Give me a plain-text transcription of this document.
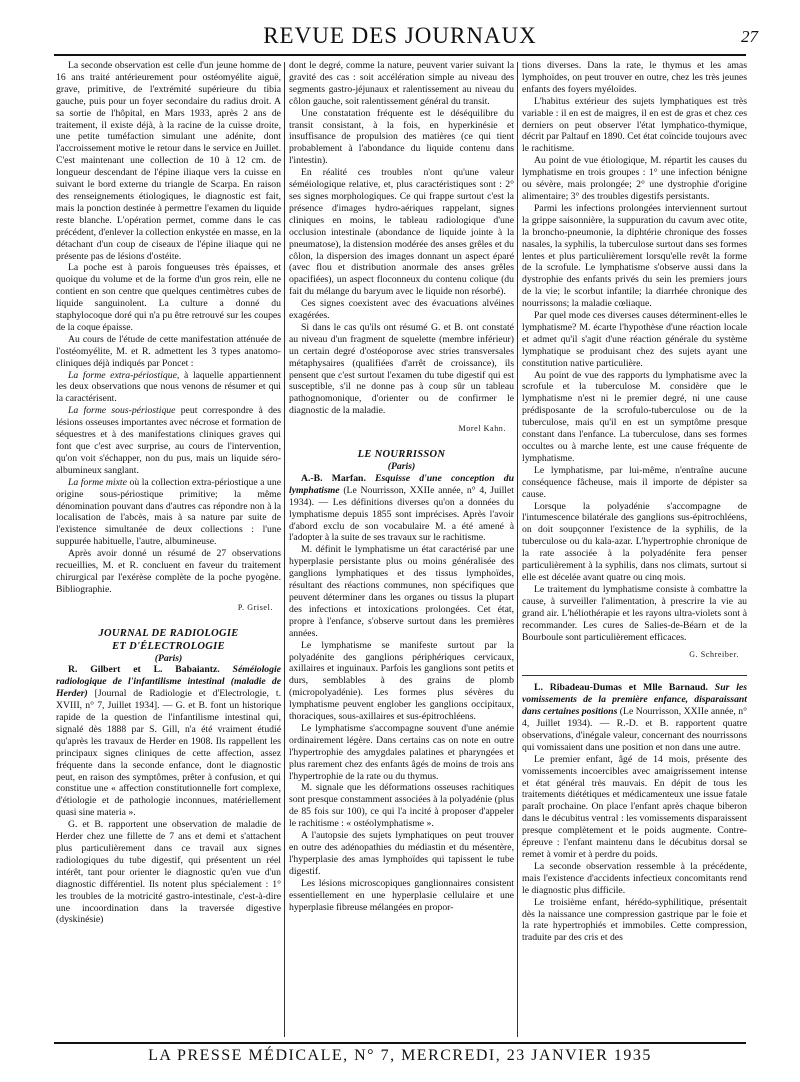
REVUE DES JOURNAUX	27

La seconde observation est celle d'un jeune homme de 16 ans traité antérieurement pour ostéomyélite aiguë, grave, primitive, de l'extrémité supérieure du tibia gauche, puis pour un foyer secondaire du radius droit. A sa sortie de l'hôpital, en Mars 1933, après 2 ans de traitement, il existe déjà, à la racine de la cuisse droite, une petite tuméfaction simulant une adénite, dont l'accroissement motive le retour dans le service en Juillet. C'est maintenant une collection de 10 à 12 cm. de longueur descendant de l'épine iliaque vers la cuisse en suivant le bord externe du triangle de Scarpa. En raison des renseignements étiologiques, le diagnostic est fait, mais la ponction destinée à permettre l'examen du liquide reste blanche. L'opération permet, comme dans le cas précédent, d'enlever la collection enkystée en masse, en la détachant d'un coup de ciseaux de l'épine iliaque qui ne présente pas de lésions d'ostéite.

La poche est à parois fongueuses très épaisses, et quoique du volume et de la forme d'un gros rein, elle ne contient en son centre que quelques centimètres cubes de liquide sanguinolent. La culture a donné du staphylocoque doré qui n'a pu être retrouvé sur les coupes de la coque épaisse.

Au cours de l'étude de cette manifestation atténuée de l'ostéomyélite, M. et R. admettent les 3 types anatomo-cliniques déjà indiqués par Poncet :

La forme extra-périostique, à laquelle appartiennent les deux observations que nous venons de résumer et qui la caractérisent.

La forme sous-périostique peut correspondre à des lésions osseuses importantes avec nécrose et formation de séquestres et à des manifestations cliniques graves qui font que c'est avec surprise, au cours de l'intervention, qu'on voit s'échapper, non du pus, mais un liquide séro-albumineux sanglant.

La forme mixte où la collection extra-périostique a une origine sous-périostique primitive; la même dénomination pouvant dans d'autres cas répondre non à la localisation de l'abcès, mais à sa nature par suite de l'existence simultanée de deux collections : l'une suppurée habituelle, l'autre, albumineuse.

Après avoir donné un résumé de 27 observations recueillies, M. et R. concluent en faveur du traitement chirurgical par l'exérèse complète de la poche pyogène. Bibliographie.

P. Grisel.

JOURNAL DE RADIOLOGIE

ET D'ÉLECTROLOGIE

(Paris)

R. Gilbert et L. Babaiantz. Séméiologie radiologique de l'infantilisme intestinal (maladie de Herder) [Journal de Radiologie et d'Electrologie, t. XVIII, n° 7, Juillet 1934]. — G. et B. font un historique rapide de la question de l'infantilisme intestinal qui, signalé dès 1888 par S. Gill, n'a été vraiment étudié qu'après les travaux de Herder en 1908. Ils rappellent les principaux signes cliniques de cette affection, assez fréquente dans la seconde enfance, dont le diagnostic peut, en raison des symptômes, prêter à confusion, et qui constitue une « affection constitutionnelle fort complexe, d'étiologie et de pathologie inconnues, matériellement quasi sine materia ».

G. et B. rapportent une observation de maladie de Herder chez une fillette de 7 ans et demi et s'attachent plus particulièrement dans ce travail aux signes radiologiques du tube digestif, qui présentent un réel intérêt, tant pour orienter le diagnostic qu'en vue d'un diagnostic différentiel. Ils notent plus spécialement : 1° les troubles de la motricité gastro-intestinale, c'est-à-dire une incoordination dans la traversée digestive (dyskinésie)

dont le degré, comme la nature, peuvent varier suivant la gravité des cas : soit accélération simple au niveau des segments gastro-jéjunaux et ralentissement au niveau du côlon gauche, soit ralentissement général du transit.

Une constatation fréquente est le déséquilibre du transit consistant, à la fois, en hyperkinésie et insuffisance de propulsion des matières (ce qui tient probablement à l'abondance du liquide contenu dans l'intestin).

En réalité ces troubles n'ont qu'une valeur séméiologique relative, et, plus caractéristiques sont : 2° ses signes morphologiques. Ce qui frappe surtout c'est la présence d'images hydro-aériques rappelant, signes cliniques en moins, le tableau radiologique d'une occlusion intestinale (abondance de liquide jointe à la pneumatose), la distension modérée des anses grêles et du côlon, la dispersion des images donnant un aspect éparé (avec flou et distribution anormale des anses grêles opacifiées), un aspect floconneux du contenu colique (du fait du mélange du baryum avec le liquide non résorbé).

Ces signes coexistent avec des évacuations alvéines exagérées.

Si dans le cas qu'ils ont résumé G. et B. ont constaté au niveau d'un fragment de squelette (membre inférieur) un certain degré d'ostéoporose avec stries transversales métaphysaires (qualifiées d'arrêt de croissance), ils pensent que c'est surtout l'examen du tube digestif qui est susceptible, s'il ne donne pas à coup sûr un tableau pathognomonique, d'orienter ou de confirmer le diagnostic de la maladie.

Morel Kahn.

LE NOURRISSON

(Paris)

A.-B. Marfan. Esquisse d'une conception du lymphatisme (Le Nourrisson, XXIIe année, n° 4, Juillet 1934). — Les définitions diverses qu'on a données du lymphatisme depuis 1855 sont imprécises. Après l'avoir d'abord exclu de son vocabulaire M. a été amené à l'adopter à la suite de ses travaux sur le rachitisme.

M. définit le lymphatisme un état caractérisé par une hyperplasie persistante plus ou moins généralisée des ganglions lymphatiques et des tissus lymphoïdes, résultant des réactions communes, non spécifiques que peuvent déterminer dans les organes ou tissus la plupart des infections et intoxications prolongées. Cet état, propre à l'enfance, s'observe surtout dans les premières années.

Le lymphatisme se manifeste surtout par la polyadénite des ganglions périphériques cervicaux, axillaires et inguinaux. Parfois les ganglions sont petits et durs, semblables à des grains de plomb (micropolyadénie). Les formes plus sévères du lymphatisme peuvent englober les ganglions occipitaux, thoraciques, sous-axillaires et sus-épitrochléens.

Le lymphatisme s'accompagne souvent d'une anémie ordinairement légère. Dans certains cas on note en outre l'hypertrophie des amygdales palatines et pharyngées et plus rarement chez des enfants âgés de moins de trois ans l'hypertrophie de la rate ou du thymus.

M. signale que les déformations osseuses rachitiques sont presque constamment associées à la polyadénie (plus de 85 fois sur 100), ce qui l'a incité à proposer d'appeler le rachitisme : « ostéolymphatisme ».

A l'autopsie des sujets lymphatiques on peut trouver en outre des adénopathies du médiastin et du mésentère, l'hyperplasie des amas lymphoïdes qui tapissent le tube digestif.

Les lésions microscopiques ganglionnaires consistent essentiellement en une hyperplasie cellulaire et une hyperplasie fibreuse mélangées en propor-

tions diverses. Dans la rate, le thymus et les amas lymphoïdes, on peut trouver en outre, chez les très jeunes enfants des foyers myéloïdes.

L'habitus extérieur des sujets lymphatiques est très variable : il en est de maigres, il en est de gras et chez ces derniers on peut observer l'état lymphatico-thymique, décrit par Paltauf en 1890. Cet état coïncide toujours avec le rachitisme.

Au point de vue étiologique, M. répartit les causes du lymphatisme en trois groupes : 1° une infection bénigne ou sévère, mais prolongée; 2° une dystrophie d'origine alimentaire; 3° des troubles digestifs persistants.

Parmi les infections prolongées interviennent surtout la grippe saisonnière, la suppuration du cavum avec otite, la broncho-pneumonie, la diphtérie chronique des fosses nasales, la syphilis, la tuberculose surtout dans ses formes lentes et plus particulièrement lorsqu'elle revêt la forme de la scrofule. Le lymphatisme s'observe aussi dans la dystrophie des enfants privés du sein les premiers jours de la vie; le scorbut infantile; la diarrhée chronique des nourrissons; la maladie cœliaque.

Par quel mode ces diverses causes déterminent-elles le lymphatisme? M. écarte l'hypothèse d'une réaction locale et admet qu'il s'agit d'une réaction générale du système lymphatique se produisant chez des sujets ayant une constitution native particulière.

Au point de vue des rapports du lymphatisme avec la scrofule et la tuberculose M. considère que le lymphatisme n'est ni le premier degré, ni une cause prédisposante de la scrofulo-tuberculose ou de la tuberculose, mais qu'il en est un symptôme presque constant dans l'enfance. La tuberculose, dans ses formes occultes ou à marche lente, est une cause fréquente de lymphatisme.

Le lymphatisme, par lui-même, n'entraîne aucune conséquence fâcheuse, mais il importe de dépister sa cause.

Lorsque la polyadénie s'accompagne de l'intumescence bilatérale des ganglions sus-épitrochléens, on doit soupçonner l'existence de la syphilis, de la tuberculose ou du kala-azar. L'hypertrophie chronique de la rate associée à la polyadénite fera penser particulièrement à la syphilis, dans nos climats, surtout si elle est décelée avant quatre ou cinq mois.

Le traitement du lymphatisme consiste à combattre la cause, à surveiller l'alimentation, à prescrire la vie au grand air. L'héliothérapie et les rayons ultra-violets sont à recommander. Les cures de Salies-de-Béarn et de la Bourboule sont particulièrement efficaces.

G. Schreiber.

L. Ribadeau-Dumas et Mlle Barnaud. Sur les vomissements de la première enfance, disparaissant dans certaines positions (Le Nourrisson, XXIIe année, n° 4, Juillet 1934). — R.-D. et B. rapportent quatre observations, d'inégale valeur, concernant des nourrissons qui vomissaient dans une position et non dans une autre.

Le premier enfant, âgé de 14 mois, présente des vomissements incoercibles avec amaigrissement intense et état général très mauvais. En dépit de tous les traitements diététiques et médicamenteux une issue fatale paraît prochaine. On place l'enfant après chaque biberon dans le décubitus ventral : les vomissements disparaissent presque complètement et le poids augmente. Contre-épreuve : l'enfant maintenu dans le décubitus dorsal se remet à vomir et à perdre du poids.

La seconde observation ressemble à la précédente, mais l'existence d'accidents infectieux concomitants rend le diagnostic plus difficile.

Le troisième enfant, hérédo-syphilitique, présentait dès la naissance une compression gastrique par le foie et la rate hypertrophiés et immobiles. Cette compression, traduite par des cris et des

LA PRESSE MÉDICALE, N° 7, MERCREDI, 23 JANVIER 1935
